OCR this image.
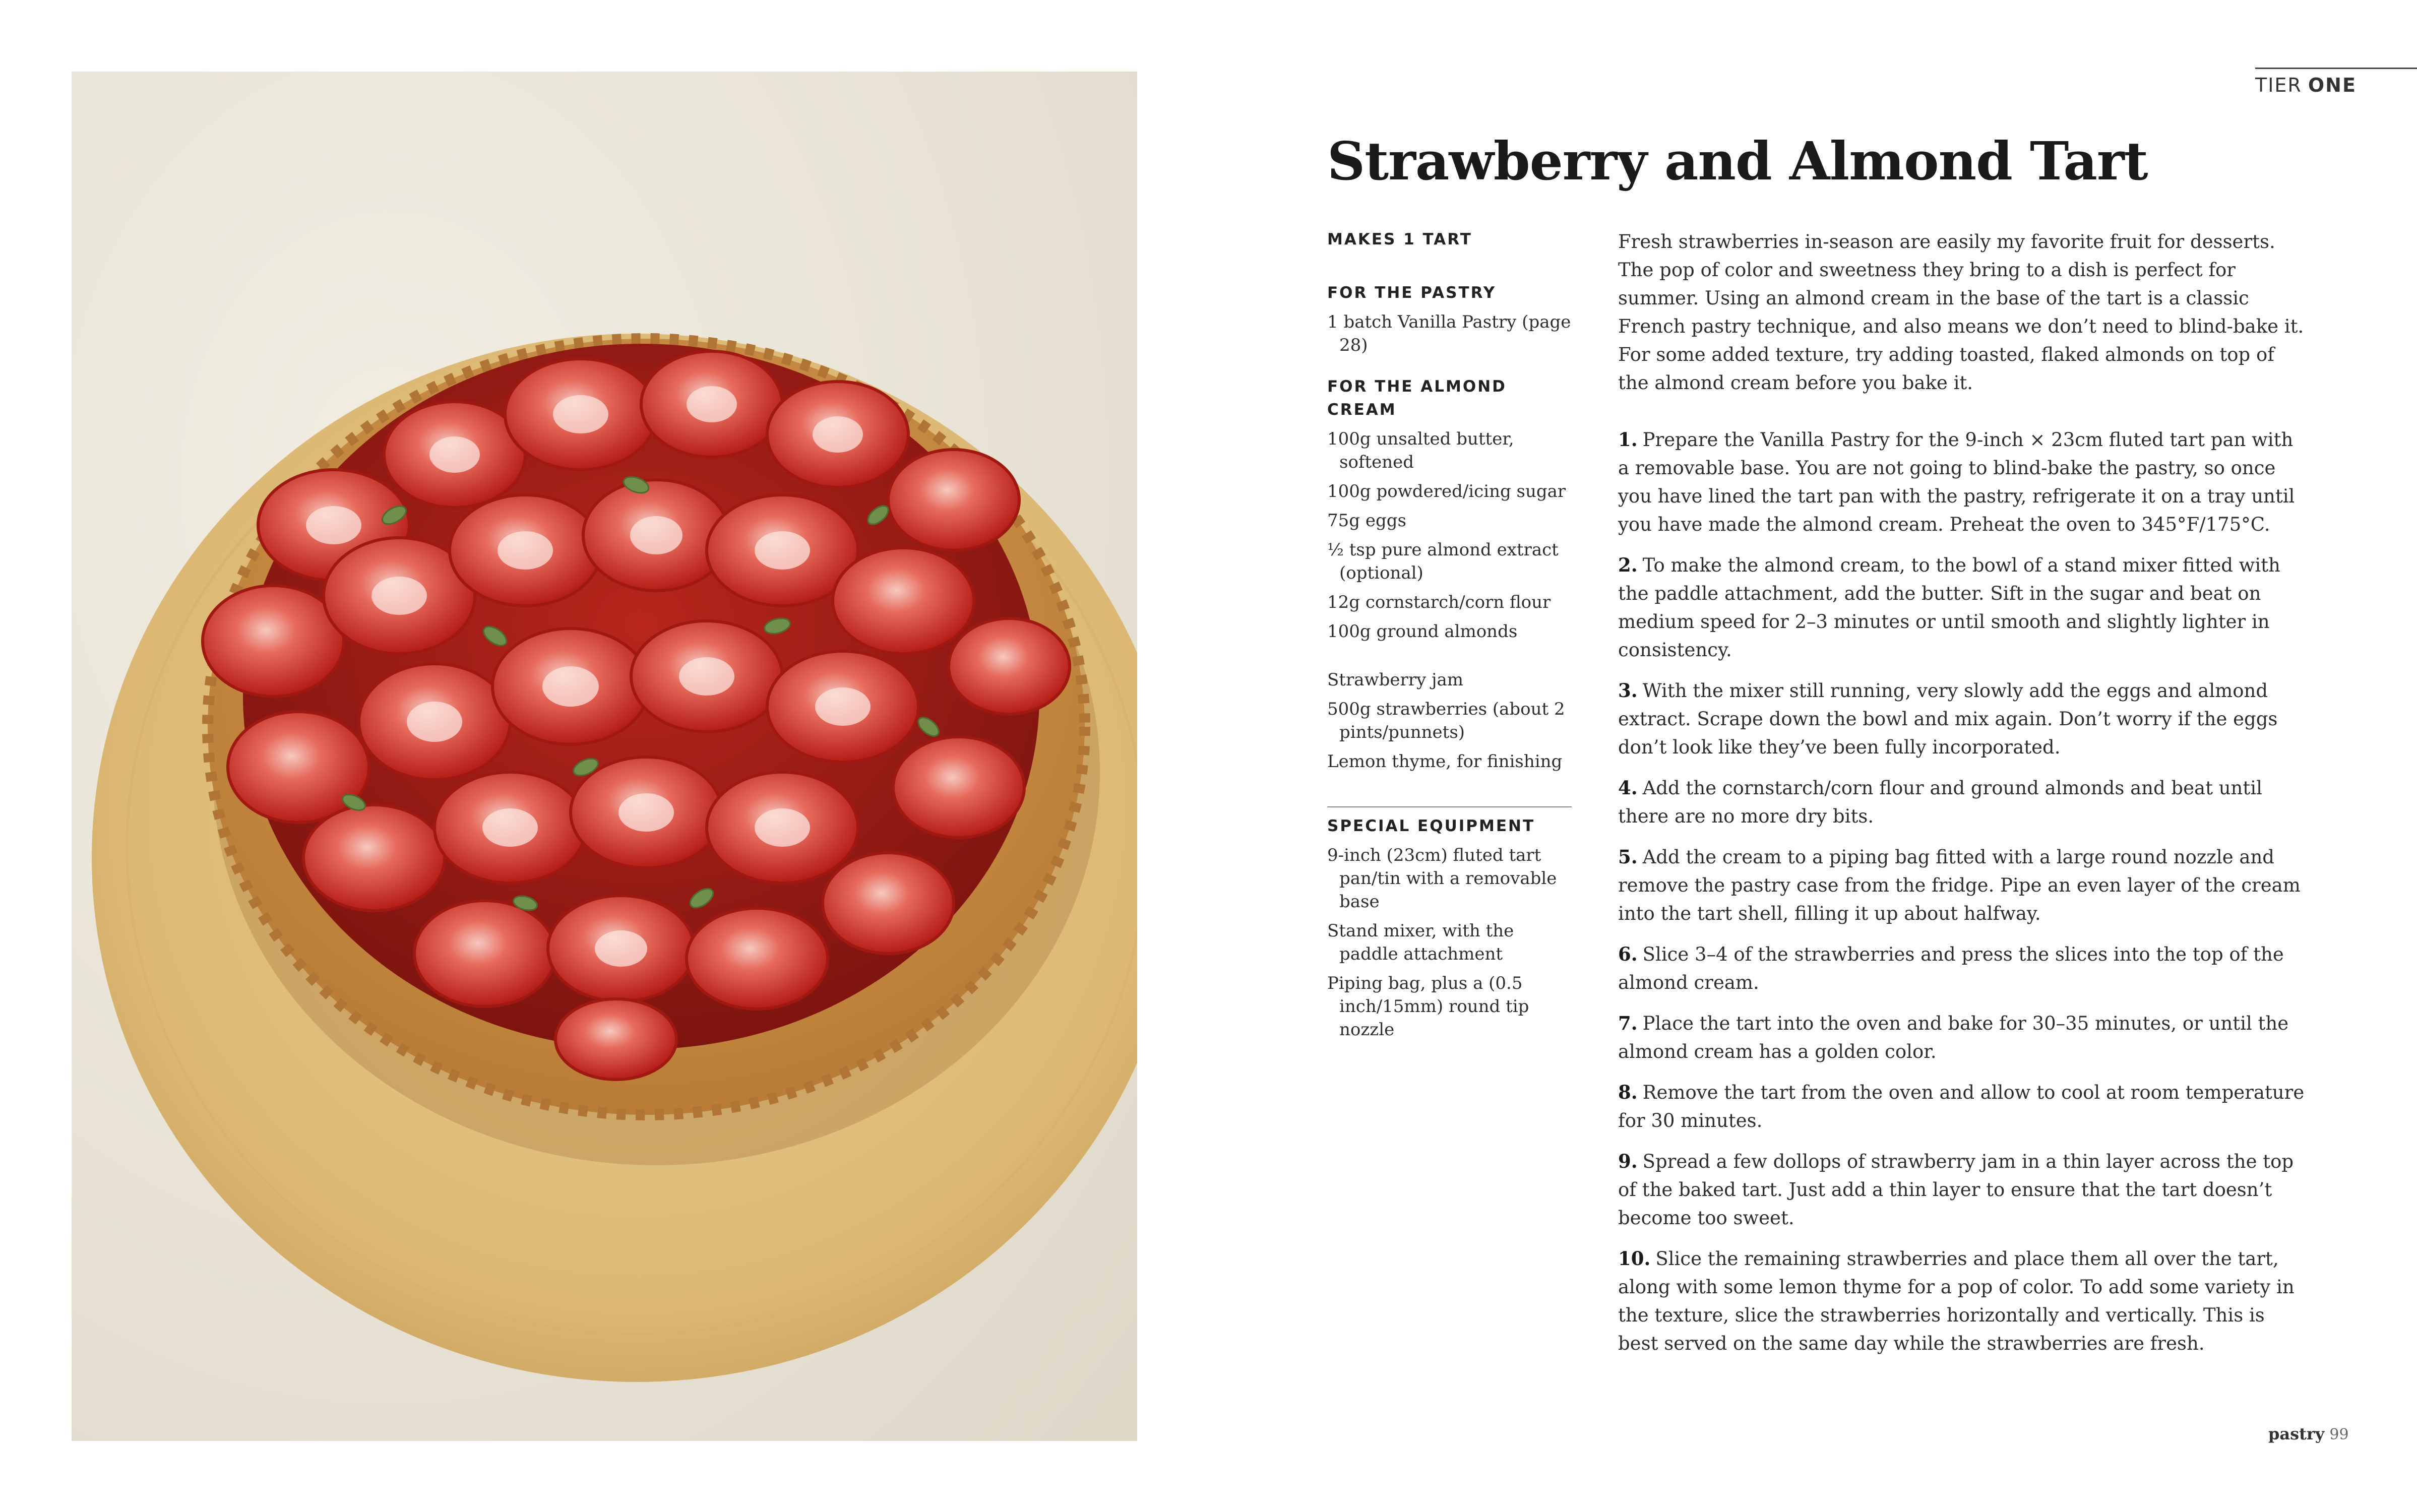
TIER ONE
Strawberry and Almond Tart

MAKES 1 TART

FOR THE PASTRY

1 batch Vanilla Pastry (page 28)

FOR THE ALMOND CREAM

100g unsalted butter, softened
100g powdered/icing sugar
75g eggs
½ tsp pure almond extract (optional)
12g cornstarch/corn flour
100g ground almonds
Strawberry jam
500g strawberries (about 2 pints/punnets)
Lemon thyme, for finishing

SPECIAL EQUIPMENT

9-inch (23cm) fluted tart pan/tin with a removable base
Stand mixer, with the paddle attachment
Piping bag, plus a (0.5 inch/15mm) round tip nozzle

Fresh strawberries in-season are easily my favorite fruit for desserts. The pop of color and sweetness they bring to a dish is perfect for summer. Using an almond cream in the base of the tart is a classic French pastry technique, and also means we don’t need to blind-bake it. For some added texture, try adding toasted, flaked almonds on top of the almond cream before you bake it.

1. Prepare the Vanilla Pastry for the 9-inch × 23cm fluted tart pan with a removable base. You are not going to blind-bake the pastry, so once you have lined the tart pan with the pastry, refrigerate it on a tray until you have made the almond cream. Preheat the oven to 345°F/175°C.

2. To make the almond cream, to the bowl of a stand mixer fitted with the paddle attachment, add the butter. Sift in the sugar and beat on medium speed for 2–3 minutes or until smooth and slightly lighter in consistency.

3. With the mixer still running, very slowly add the eggs and almond extract. Scrape down the bowl and mix again. Don’t worry if the eggs don’t look like they’ve been fully incorporated.

4. Add the cornstarch/corn flour and ground almonds and beat until there are no more dry bits.

5. Add the cream to a piping bag fitted with a large round nozzle and remove the pastry case from the fridge. Pipe an even layer of the cream into the tart shell, filling it up about halfway.

6. Slice 3–4 of the strawberries and press the slices into the top of the almond cream.

7. Place the tart into the oven and bake for 30–35 minutes, or until the almond cream has a golden color.

8. Remove the tart from the oven and allow to cool at room temperature for 30 minutes.

9. Spread a few dollops of strawberry jam in a thin layer across the top of the baked tart. Just add a thin layer to ensure that the tart doesn’t become too sweet.

10. Slice the remaining strawberries and place them all over the tart, along with some lemon thyme for a pop of color. To add some variety in the texture, slice the strawberries horizontally and vertically. This is best served on the same day while the strawberries are fresh.

pastry 99
